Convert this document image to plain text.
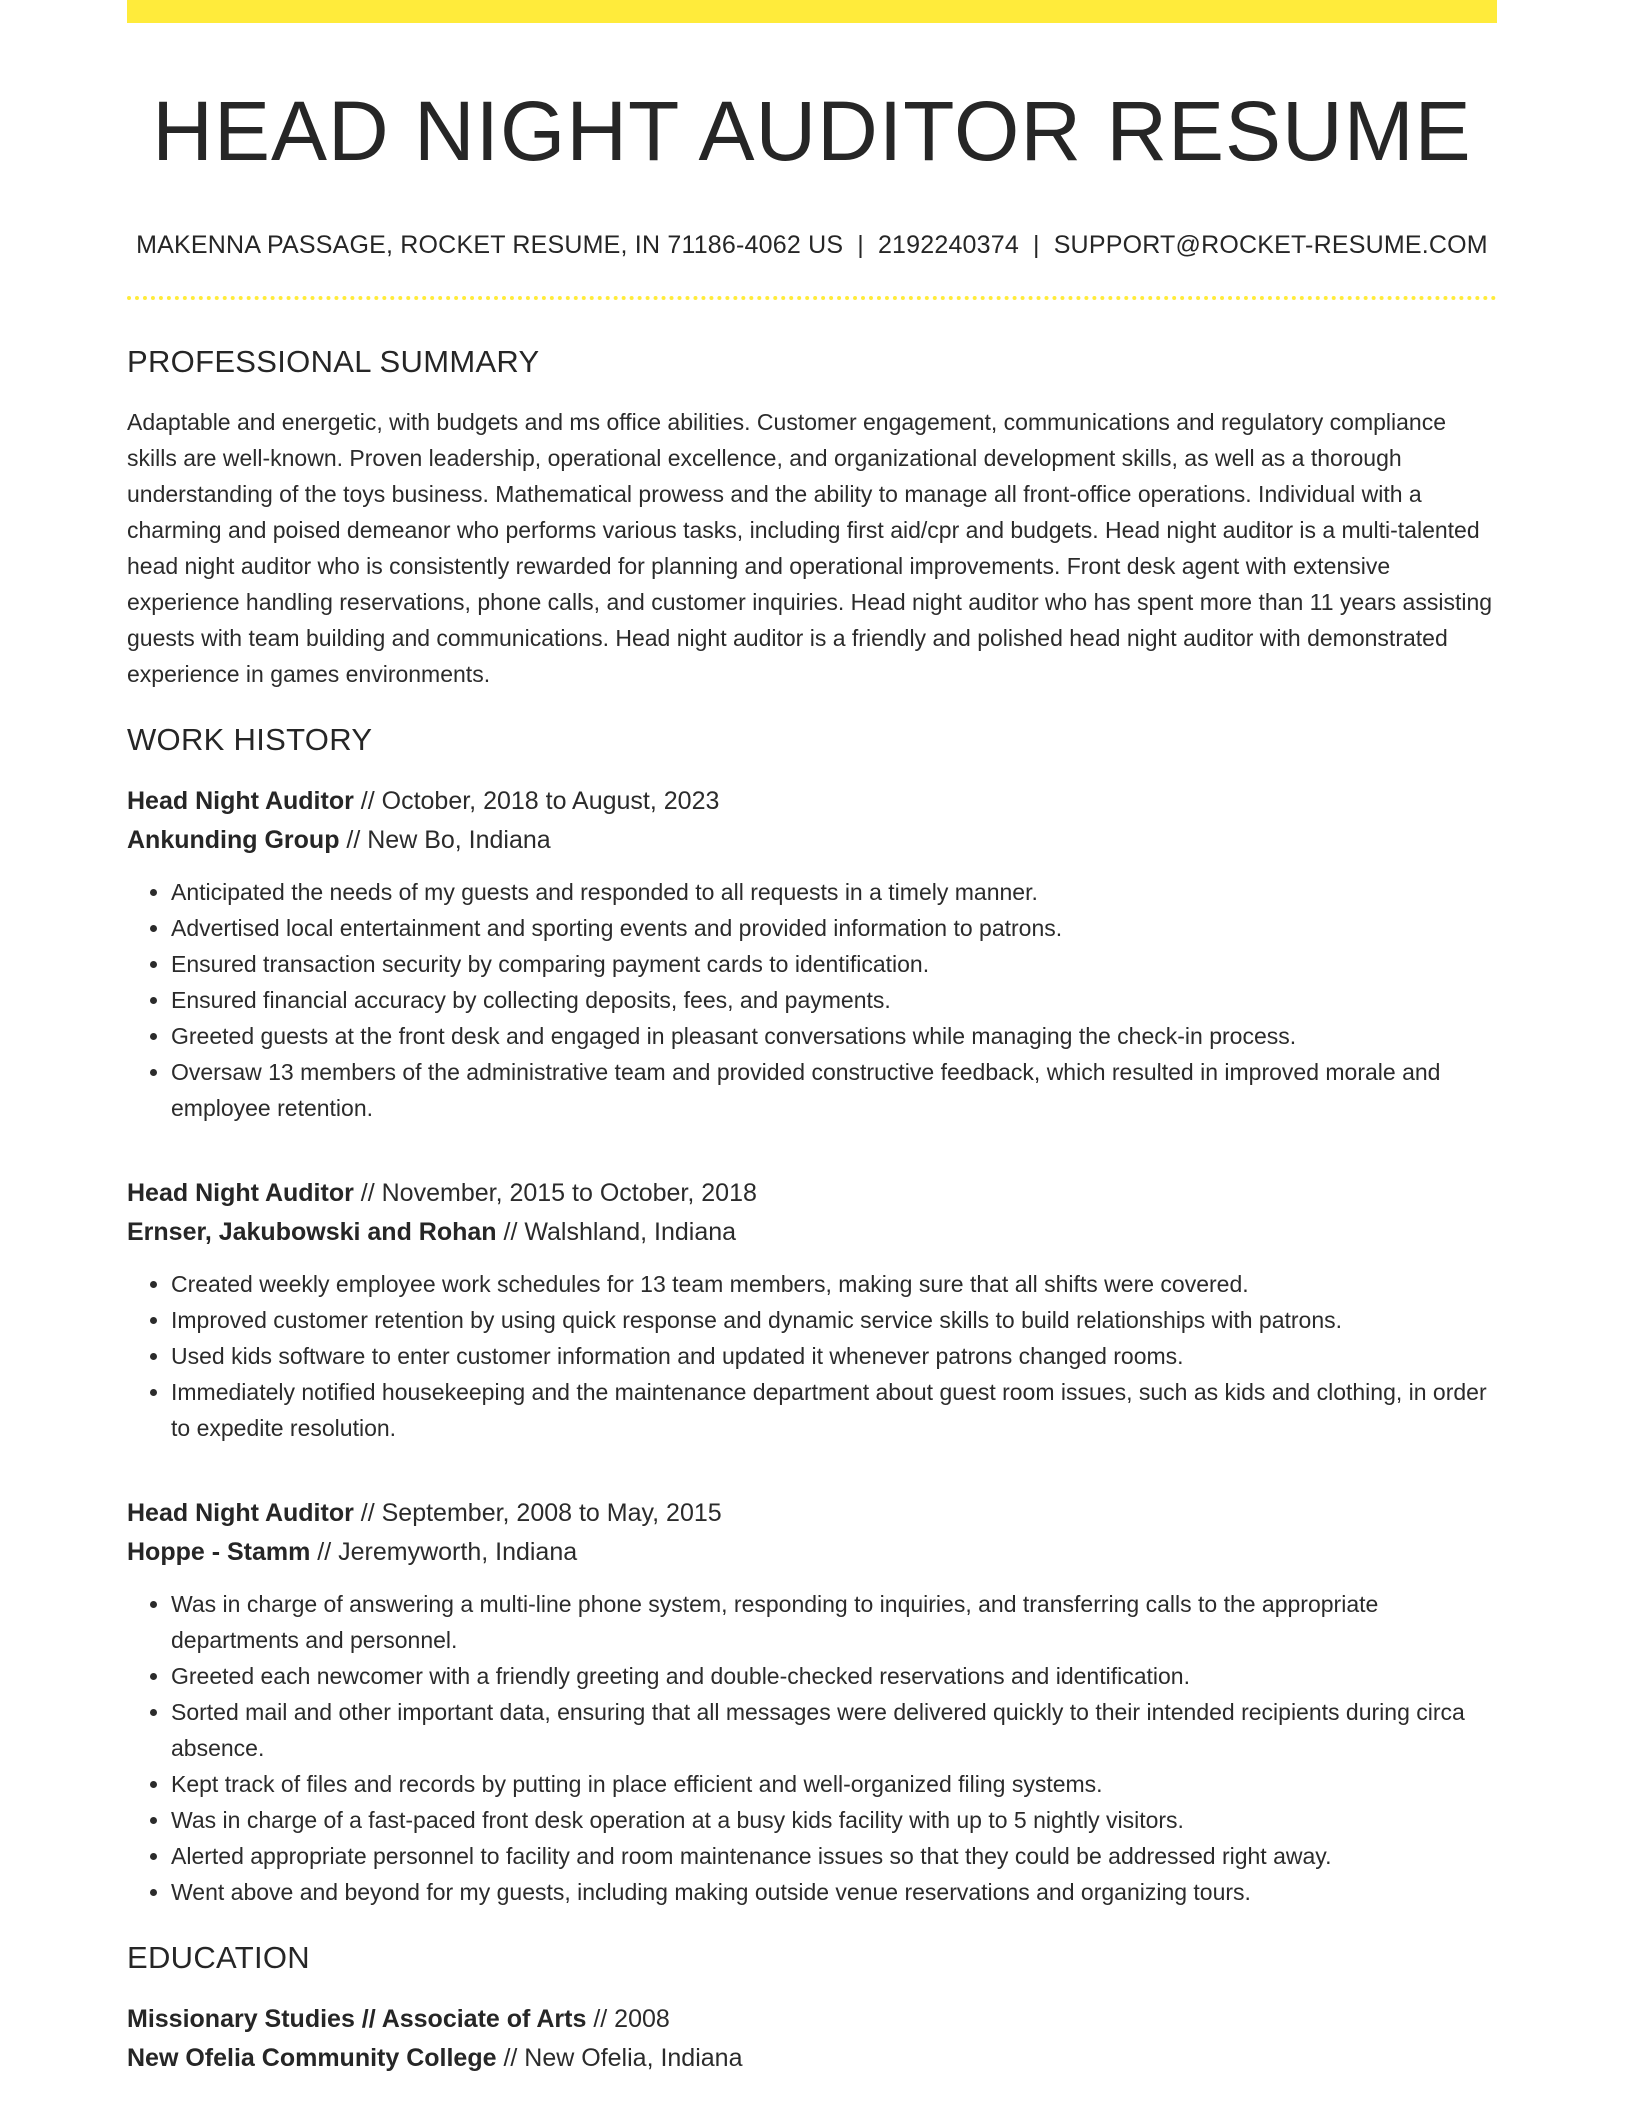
HEAD NIGHT AUDITOR RESUME
MAKENNA PASSAGE, ROCKET RESUME, IN 71186-4062 US | 2192240374 | SUPPORT@ROCKET-RESUME.COM
PROFESSIONAL SUMMARY

Adaptable and energetic, with budgets and ms office abilities. Customer engagement, communications and regulatory compliance skills are well-known. Proven leadership, operational excellence, and organizational development skills, as well as a thorough understanding of the toys business. Mathematical prowess and the ability to manage all front-office operations. Individual with a charming and poised demeanor who performs various tasks, including first aid/cpr and budgets. Head night auditor is a multi-talented head night auditor who is consistently rewarded for planning and operational improvements. Front desk agent with extensive experience handling reservations, phone calls, and customer inquiries. Head night auditor who has spent more than 11 years assisting guests with team building and communications. Head night auditor is a friendly and polished head night auditor with demonstrated experience in games environments.

WORK HISTORY
Head Night Auditor // October, 2018 to August, 2023
Ankunding Group // New Bo, Indiana
• Anticipated the needs of my guests and responded to all requests in a timely manner.
• Advertised local entertainment and sporting events and provided information to patrons.
• Ensured transaction security by comparing payment cards to identification.
• Ensured financial accuracy by collecting deposits, fees, and payments.
• Greeted guests at the front desk and engaged in pleasant conversations while managing the check-in process.
• Oversaw 13 members of the administrative team and provided constructive feedback, which resulted in improved morale and employee retention.
Head Night Auditor // November, 2015 to October, 2018
Ernser, Jakubowski and Rohan // Walshland, Indiana
• Created weekly employee work schedules for 13 team members, making sure that all shifts were covered.
• Improved customer retention by using quick response and dynamic service skills to build relationships with patrons.
• Used kids software to enter customer information and updated it whenever patrons changed rooms.
• Immediately notified housekeeping and the maintenance department about guest room issues, such as kids and clothing, in order to expedite resolution.
Head Night Auditor // September, 2008 to May, 2015
Hoppe - Stamm // Jeremyworth, Indiana
• Was in charge of answering a multi-line phone system, responding to inquiries, and transferring calls to the appropriate departments and personnel.
• Greeted each newcomer with a friendly greeting and double-checked reservations and identification.
• Sorted mail and other important data, ensuring that all messages were delivered quickly to their intended recipients during circa absence.
• Kept track of files and records by putting in place efficient and well-organized filing systems.
• Was in charge of a fast-paced front desk operation at a busy kids facility with up to 5 nightly visitors.
• Alerted appropriate personnel to facility and room maintenance issues so that they could be addressed right away.
• Went above and beyond for my guests, including making outside venue reservations and organizing tours.
EDUCATION
Missionary Studies // Associate of Arts // 2008
New Ofelia Community College // New Ofelia, Indiana
